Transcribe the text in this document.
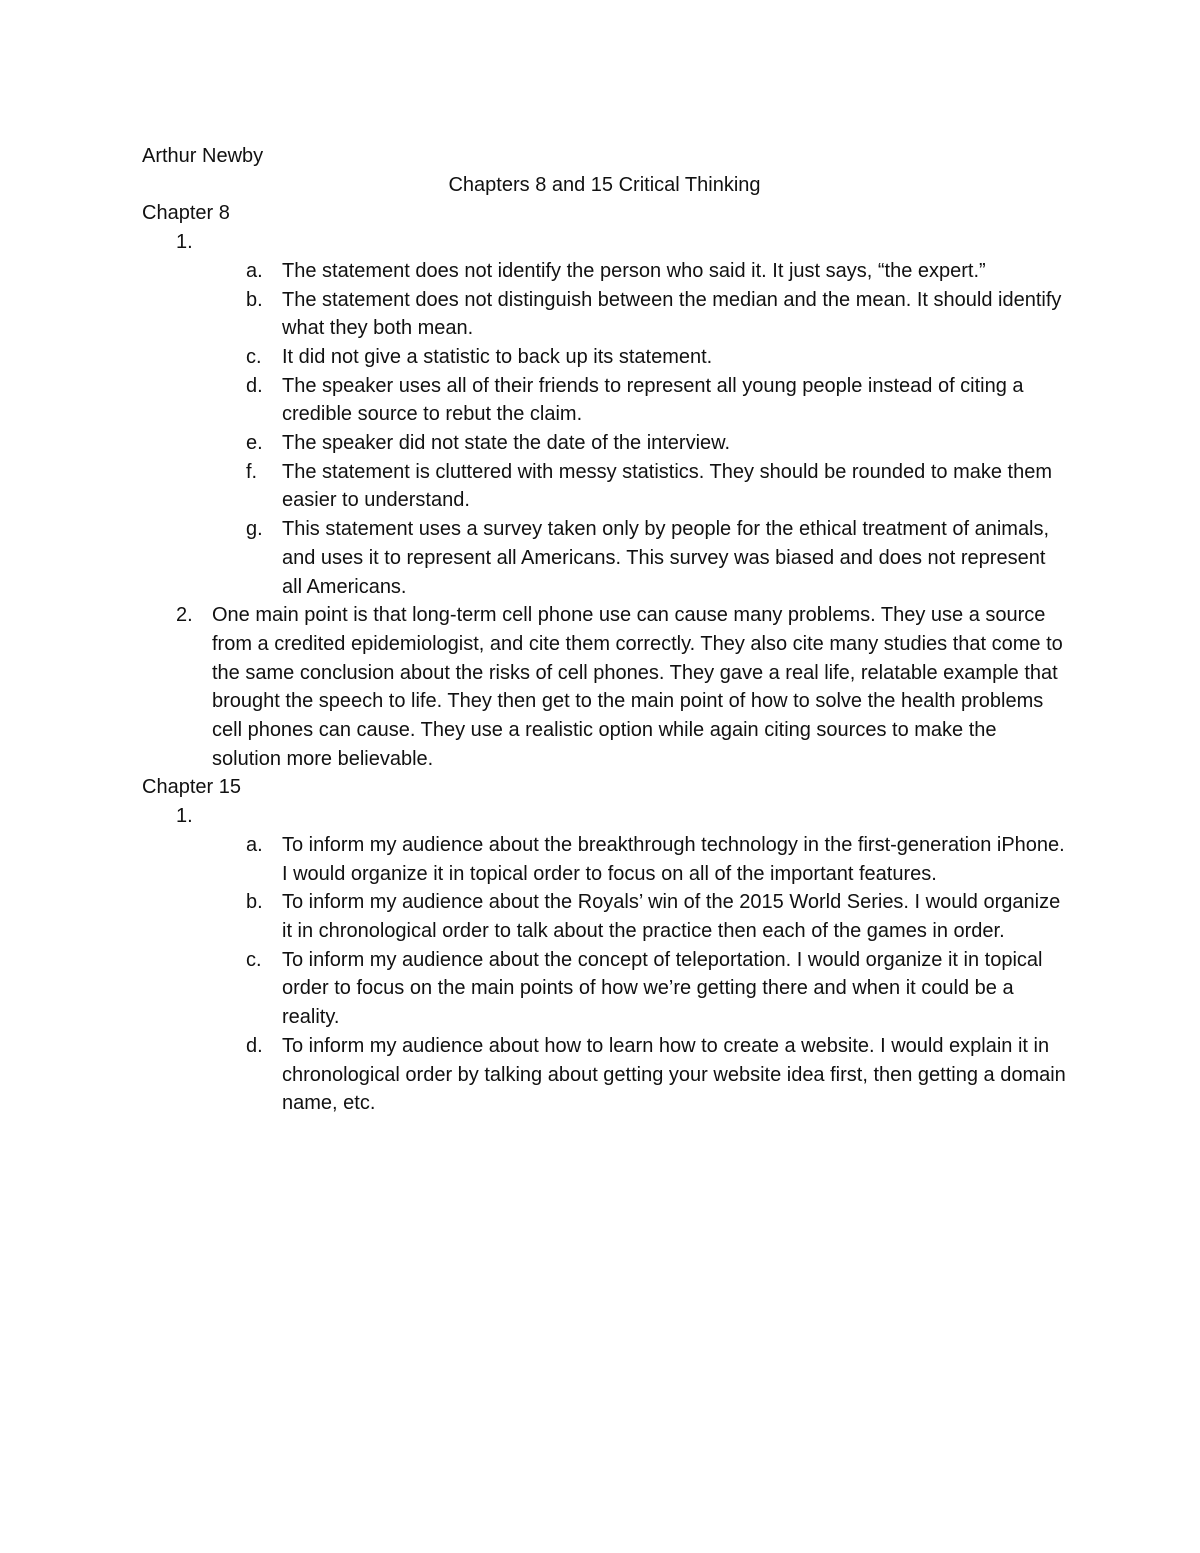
Arthur Newby

Chapters 8 and 15 Critical Thinking

Chapter 8

1.

a. The statement does not identify the person who said it. It just says, “the expert.”
b. The statement does not distinguish between the median and the mean. It should identify what they both mean.
c. It did not give a statistic to back up its statement.
d. The speaker uses all of their friends to represent all young people instead of citing a credible source to rebut the claim.
e. The speaker did not state the date of the interview.
f. The statement is cluttered with messy statistics. They should be rounded to make them easier to understand.
g. This statement uses a survey taken only by people for the ethical treatment of animals, and uses it to represent all Americans. This survey was biased and does not represent all Americans.
2. One main point is that long-term cell phone use can cause many problems. They use a source from a credited epidemiologist, and cite them correctly. They also cite many studies that come to the same conclusion about the risks of cell phones. They gave a real life, relatable example that brought the speech to life. They then get to the main point of how to solve the health problems cell phones can cause. They use a realistic option while again citing sources to make the solution more believable.

Chapter 15

1.

a. To inform my audience about the breakthrough technology in the first-generation iPhone. I would organize it in topical order to focus on all of the important features.
b. To inform my audience about the Royals’ win of the 2015 World Series. I would organize it in chronological order to talk about the practice then each of the games in order.
c. To inform my audience about the concept of teleportation. I would organize it in topical order to focus on the main points of how we’re getting there and when it could be a reality.
d. To inform my audience about how to learn how to create a website. I would explain it in chronological order by talking about getting your website idea first, then getting a domain name, etc.
